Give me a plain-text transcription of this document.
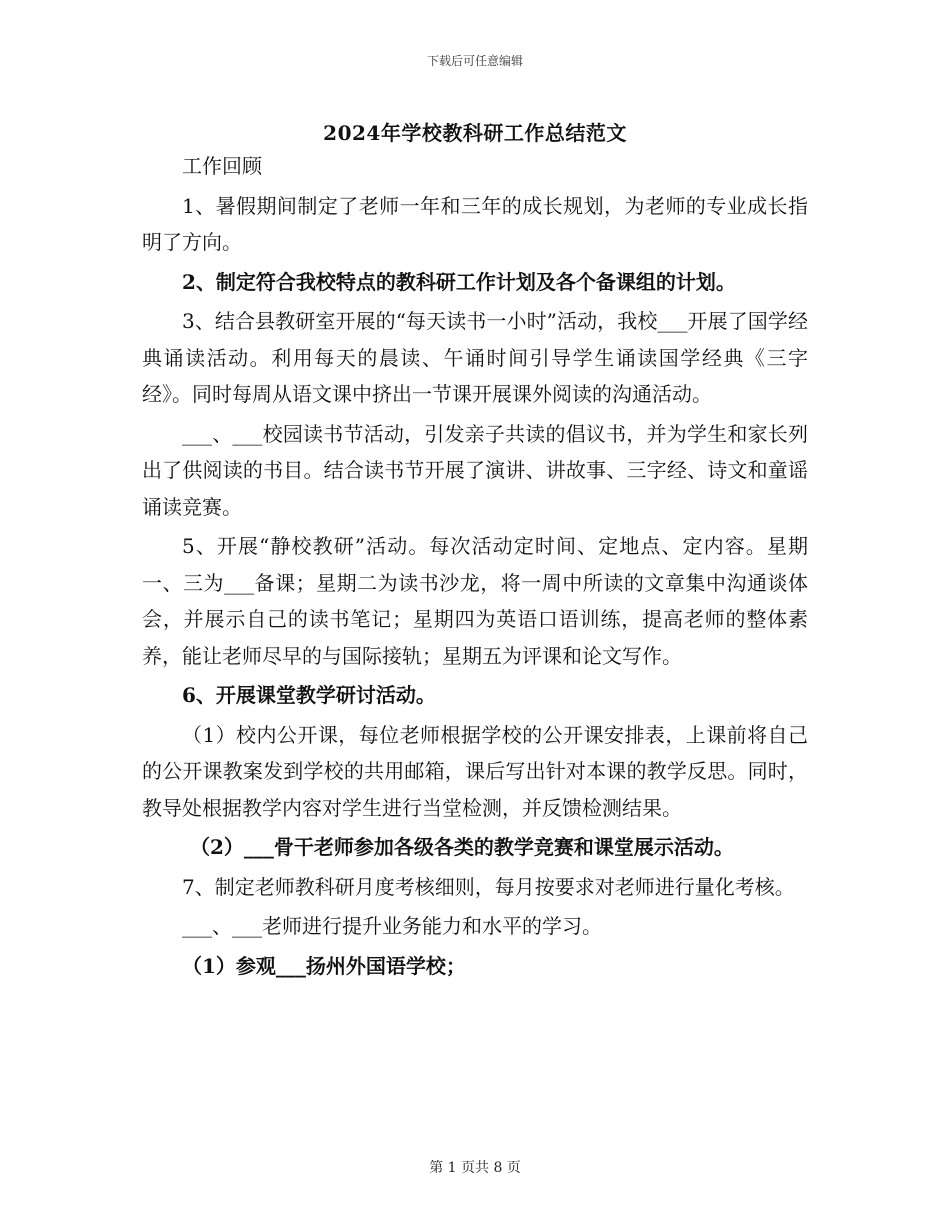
下载后可任意编辑
2024年学校教科研工作总结范文

工作回顾

1、暑假期间制定了老师一年和三年的成长规划，为老师的专业成长指明了方向。

2、制定符合我校特点的教科研工作计划及各个备课组的计划。

3、结合县教研室开展的“每天读书一小时”活动，我校___开展了国学经典诵读活动。利用每天的晨读、午诵时间引导学生诵读国学经典《三字经》。同时每周从语文课中挤出一节课开展课外阅读的沟通活动。

___、___校园读书节活动，引发亲子共读的倡议书，并为学生和家长列出了供阅读的书目。结合读书节开展了演讲、讲故事、三字经、诗文和童谣诵读竞赛。

5、开展“静校教研”活动。每次活动定时间、定地点、定内容。星期一、三为___备课；星期二为读书沙龙，将一周中所读的文章集中沟通谈体会，并展示自己的读书笔记；星期四为英语口语训练，提高老师的整体素养，能让老师尽早的与国际接轨；星期五为评课和论文写作。

6、开展课堂教学研讨活动。

（1）校内公开课，每位老师根据学校的公开课安排表，上课前将自己的公开课教案发到学校的共用邮箱，课后写出针对本课的教学反思。同时，教导处根据教学内容对学生进行当堂检测，并反馈检测结果。

（2）___骨干老师参加各级各类的教学竞赛和课堂展示活动。

7、制定老师教科研月度考核细则，每月按要求对老师进行量化考核。

___、___老师进行提升业务能力和水平的学习。

（1）参观___扬州外国语学校；

第 1 页共 8 页
